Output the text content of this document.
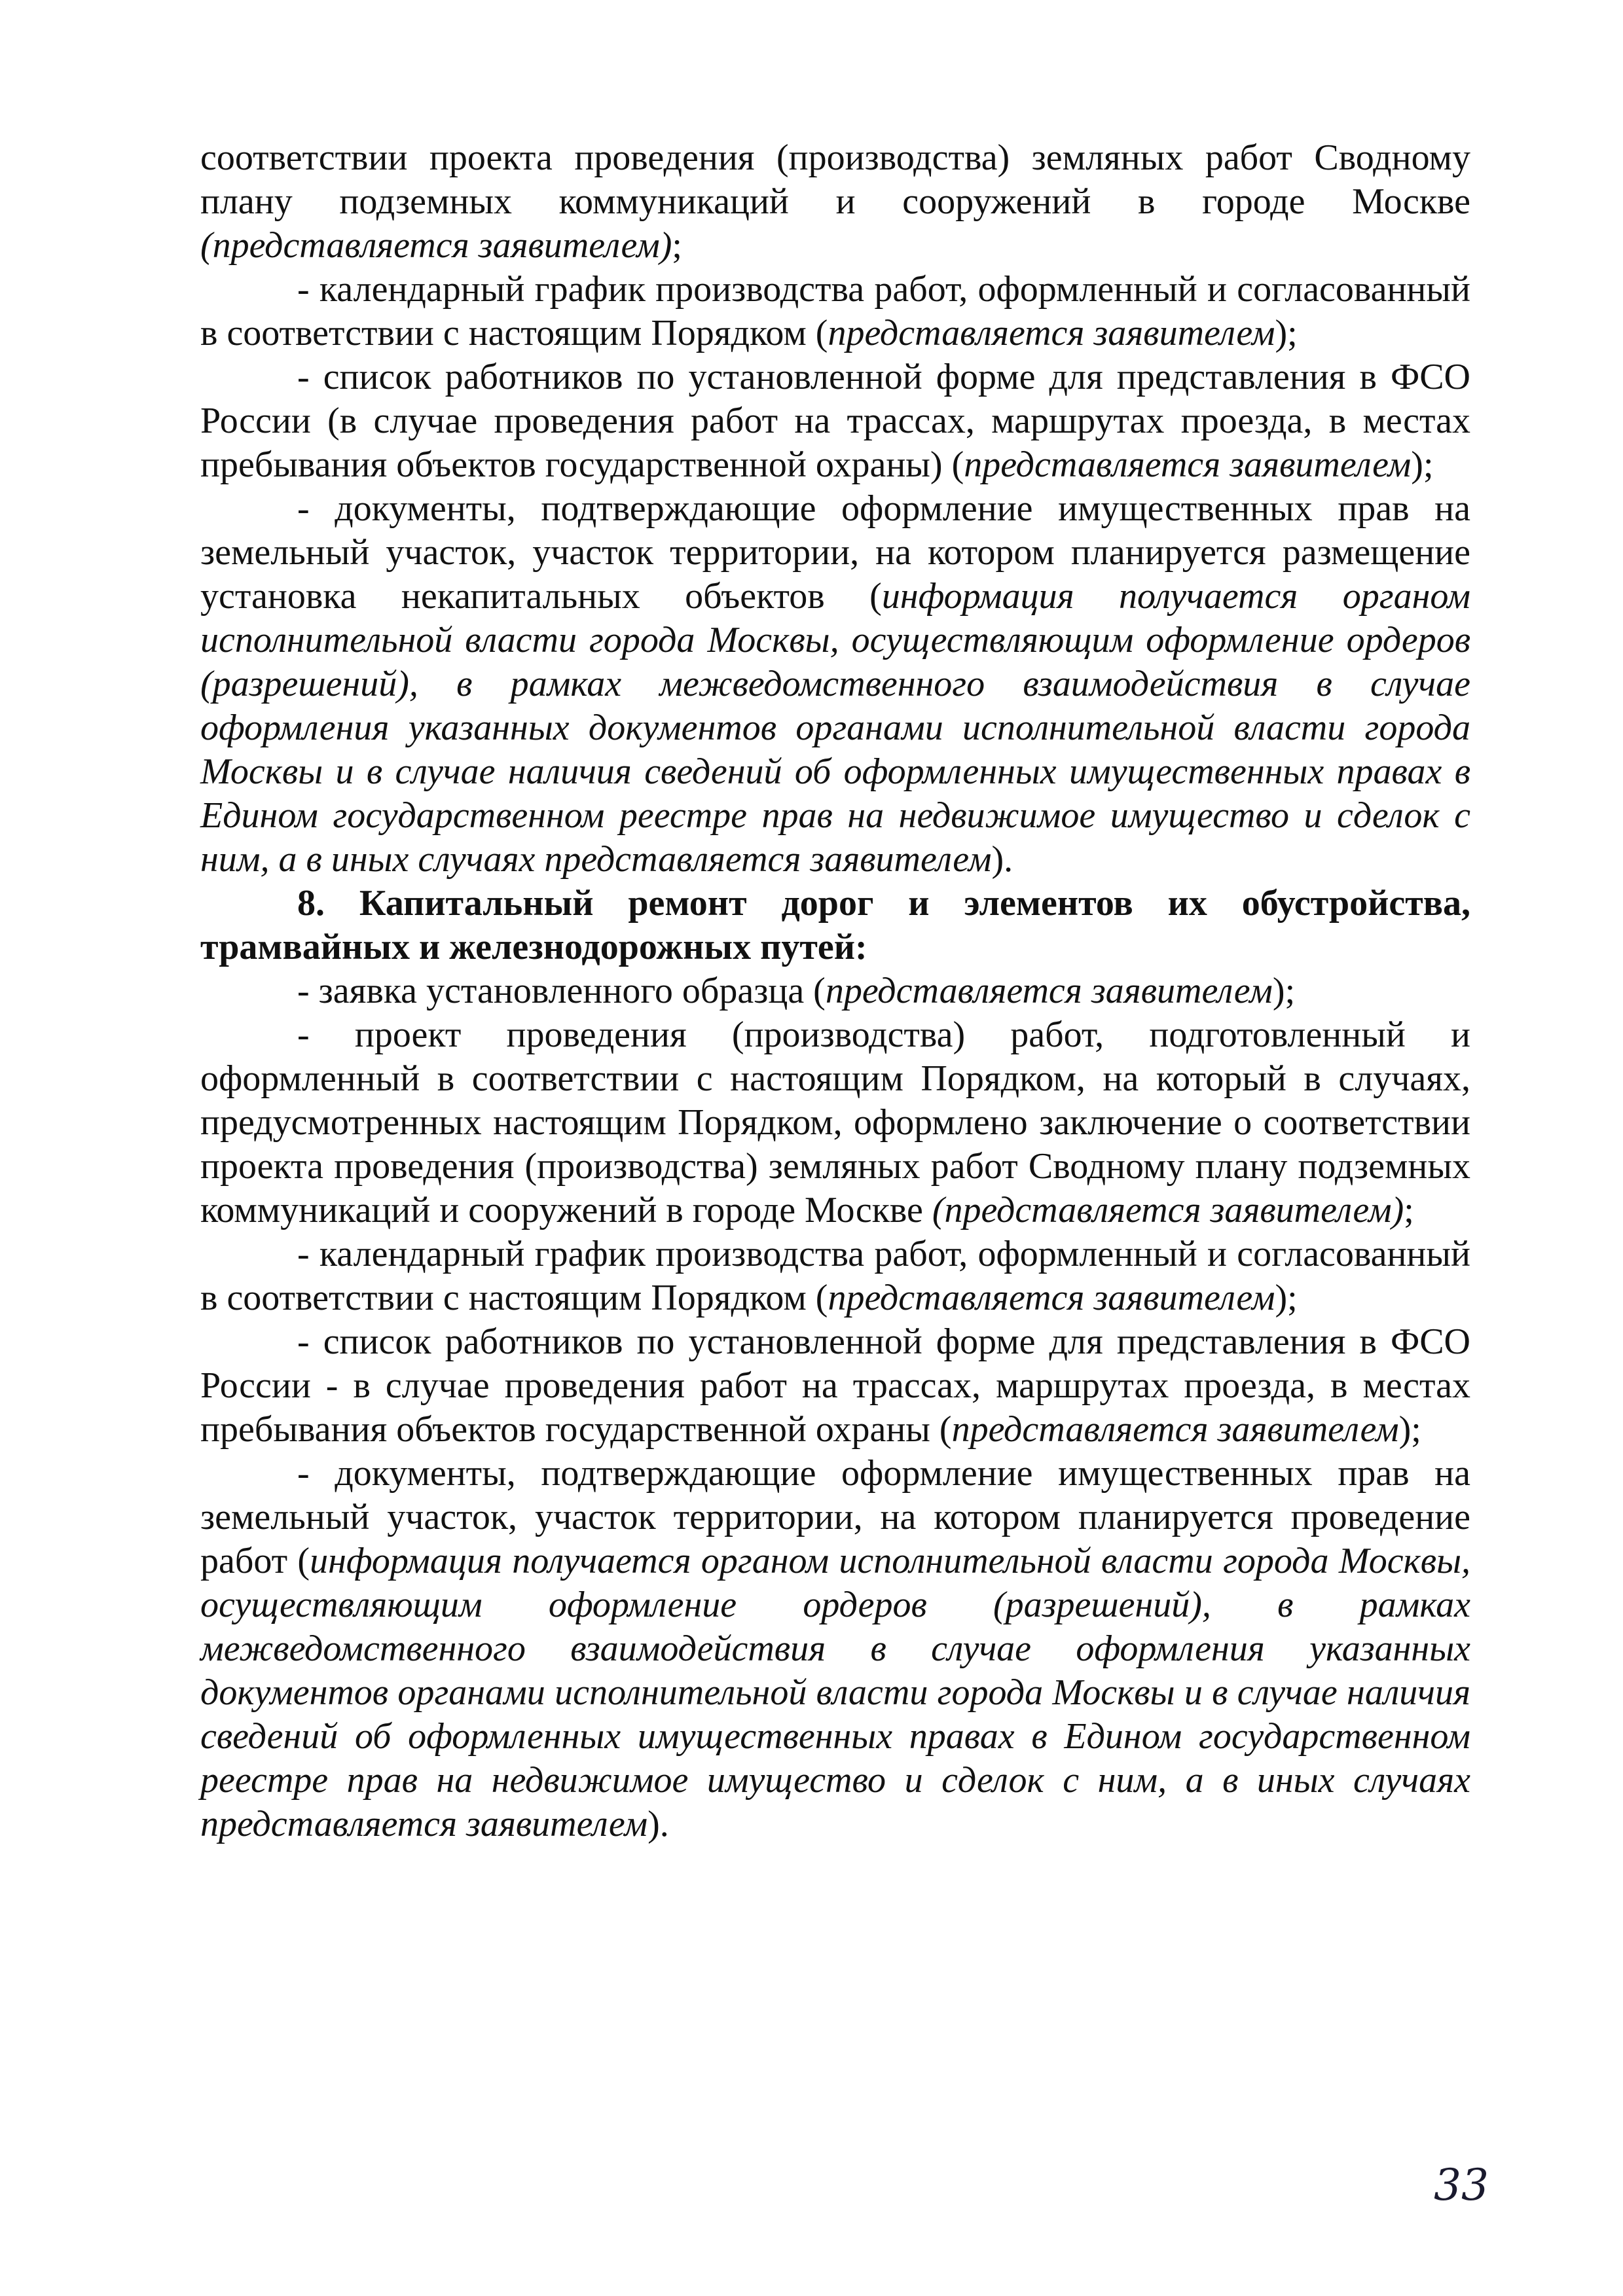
соответствии проекта проведения (производства) земляных работ Сводному плану подземных коммуникаций и сооружений в городе Москве (представляется заявителем);

- календарный график производства работ, оформленный и согласованный в соответствии с настоящим Порядком (представляется заявителем);

- список работников по установленной форме для представления в ФСО России (в случае проведения работ на трассах, маршрутах проезда, в местах пребывания объектов государственной охраны) (представляется заявителем);

- документы, подтверждающие оформление имущественных прав на земельный участок, участок территории, на котором планируется размещение установка некапитальных объектов (информация получается органом исполнительной власти города Москвы, осуществляющим оформление ордеров (разрешений), в рамках межведомственного взаимодействия в случае оформления указанных документов органами исполнительной власти города Москвы и в случае наличия сведений об оформленных имущественных правах в Едином государственном реестре прав на недвижимое имущество и сделок с ним, а в иных случаях представляется заявителем).

8. Капитальный ремонт дорог и элементов их обустройства, трамвайных и железнодорожных путей:

- заявка установленного образца (представляется заявителем);

- проект проведения (производства) работ, подготовленный и оформленный в соответствии с настоящим Порядком, на который в случаях, предусмотренных настоящим Порядком, оформлено заключение о соответствии проекта проведения (производства) земляных работ Сводному плану подземных коммуникаций и сооружений в городе Москве (представляется заявителем);

- календарный график производства работ, оформленный и согласованный в соответствии с настоящим Порядком (представляется заявителем);

- список работников по установленной форме для представления в ФСО России - в случае проведения работ на трассах, маршрутах проезда, в местах пребывания объектов государственной охраны (представляется заявителем);

- документы, подтверждающие оформление имущественных прав на земельный участок, участок территории, на котором планируется проведение работ (информация получается органом исполнительной власти города Москвы, осуществляющим оформление ордеров (разрешений), в рамках межведомственного взаимодействия в случае оформления указанных документов органами исполнительной власти города Москвы и в случае наличия сведений об оформленных имущественных правах в Едином государственном реестре прав на недвижимое имущество и сделок с ним, а в иных случаях представляется заявителем).

33
